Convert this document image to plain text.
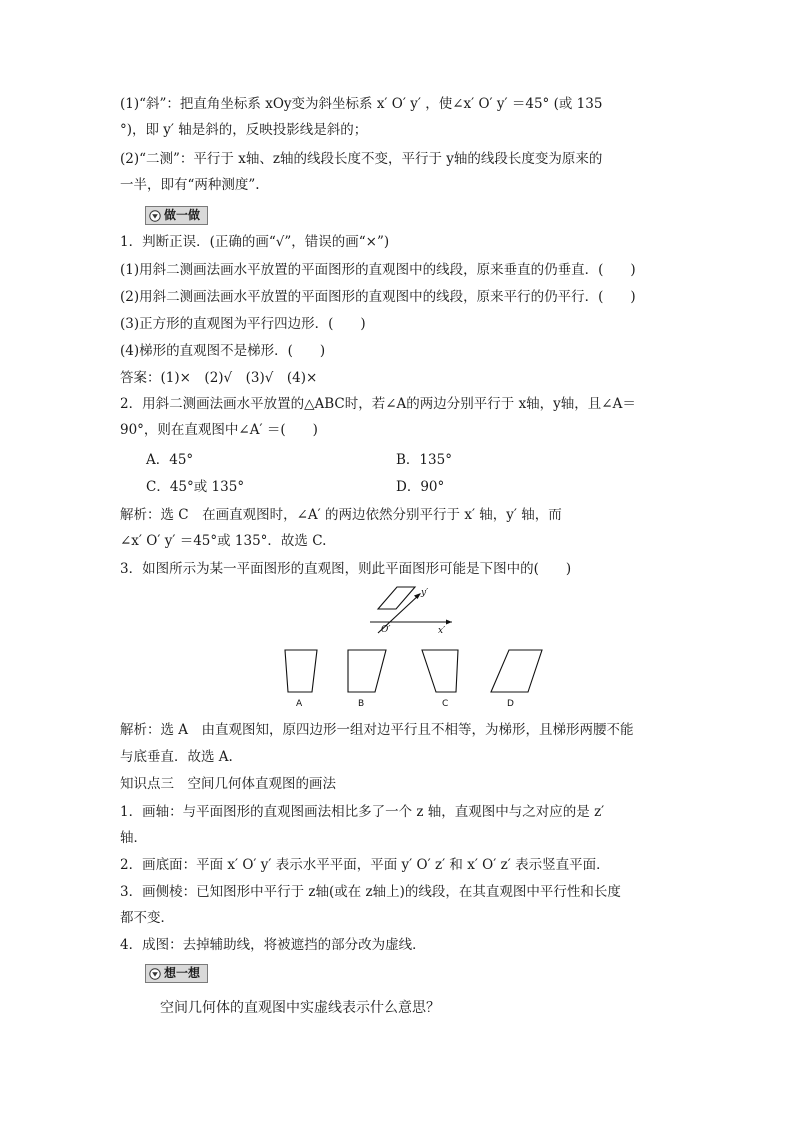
(1)“斜”：把直角坐标系 xOy变为斜坐标系 x′ O′ y′ ，使∠x′ O′ y′ ＝45° (或 135
°)，即 y′ 轴是斜的，反映投影线是斜的；
(2)“二测”：平行于 x轴、z轴的线段长度不变，平行于 y轴的线段长度变为原来的
一半，即有“两种测度”.
做一做
1．判断正误．(正确的画“√”，错误的画“×”)
(1)用斜二测画法画水平放置的平面图形的直观图中的线段，原来垂直的仍垂直．(　　)
(2)用斜二测画法画水平放置的平面图形的直观图中的线段，原来平行的仍平行．(　　)
(3)正方形的直观图为平行四边形．(　　)
(4)梯形的直观图不是梯形．(　　)
答案：(1)×　(2)√　(3)√　(4)×
2．用斜二测画法画水平放置的△ABC时，若∠A的两边分别平行于 x轴，y轴，且∠A＝
90°，则在直观图中∠A′ ＝(　　)
A．45°	B．135°
C．45°或 135°	D．90°
解析：选 C　在画直观图时，∠A′ 的两边依然分别平行于 x′ 轴，y′ 轴，而
∠x′ O′ y′ ＝45°或 135°．故选 C.
3．如图所示为某一平面图形的直观图，则此平面图形可能是下图中的(　　)
O′	x′
y′
A	B	C	D
解析：选 A　由直观图知，原四边形一组对边平行且不相等，为梯形，且梯形两腰不能
与底垂直．故选 A.
知识点三　空间几何体直观图的画法
1．画轴：与平面图形的直观图画法相比多了一个 z 轴，直观图中与之对应的是 z′
轴．
2．画底面：平面 x′ O′ y′ 表示水平平面，平面 y′ O′ z′ 和 x′ O′ z′ 表示竖直平面．
3．画侧棱：已知图形中平行于 z轴(或在 z轴上)的线段，在其直观图中平行性和长度
都不变．
4．成图：去掉辅助线，将被遮挡的部分改为虚线．
想一想
空间几何体的直观图中实虚线表示什么意思？
